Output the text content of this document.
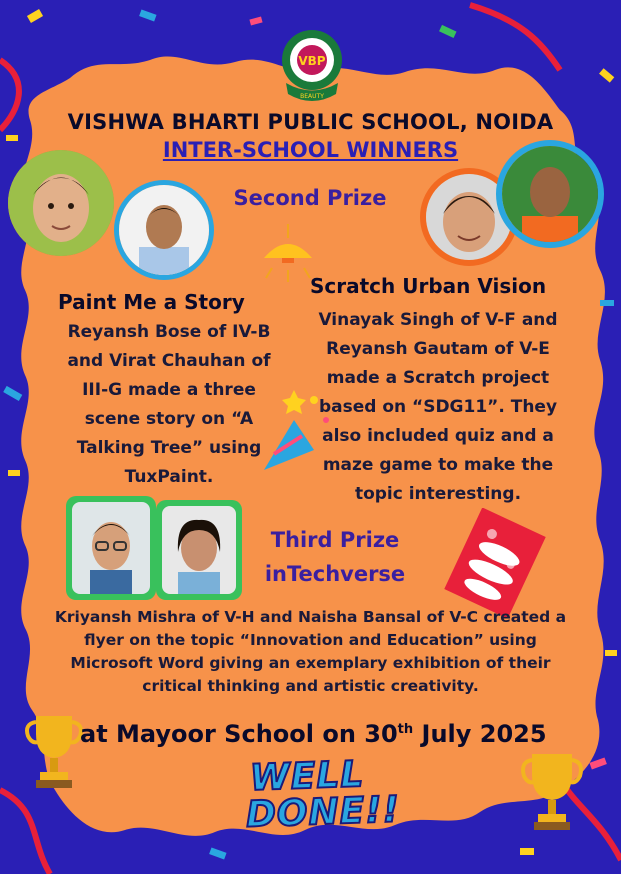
VBP
BEAUTY
VISHWA BHARTI PUBLIC SCHOOL, NOIDA
INTER-SCHOOL WINNERS
Second Prize
Paint Me a Story
Reyansh Bose of IV-B
and Virat Chauhan of
III-G made a three
scene story on “A
Talking Tree” using
TuxPaint.
Scratch Urban Vision
Vinayak Singh of V-F and
Reyansh Gautam of V-E
made a Scratch project
based on “SDG11”. They
also included quiz and a
maze game to make the
topic interesting.
Third Prize
inTechverse
Kriyansh Mishra of V-H and Naisha Bansal of V-C created a
flyer on the topic “Innovation and Education” using
Microsoft Word giving an exemplary exhibition of their
critical thinking and artistic creativity.
at Mayoor School on 30th July 2025
WELL
DONE!!
